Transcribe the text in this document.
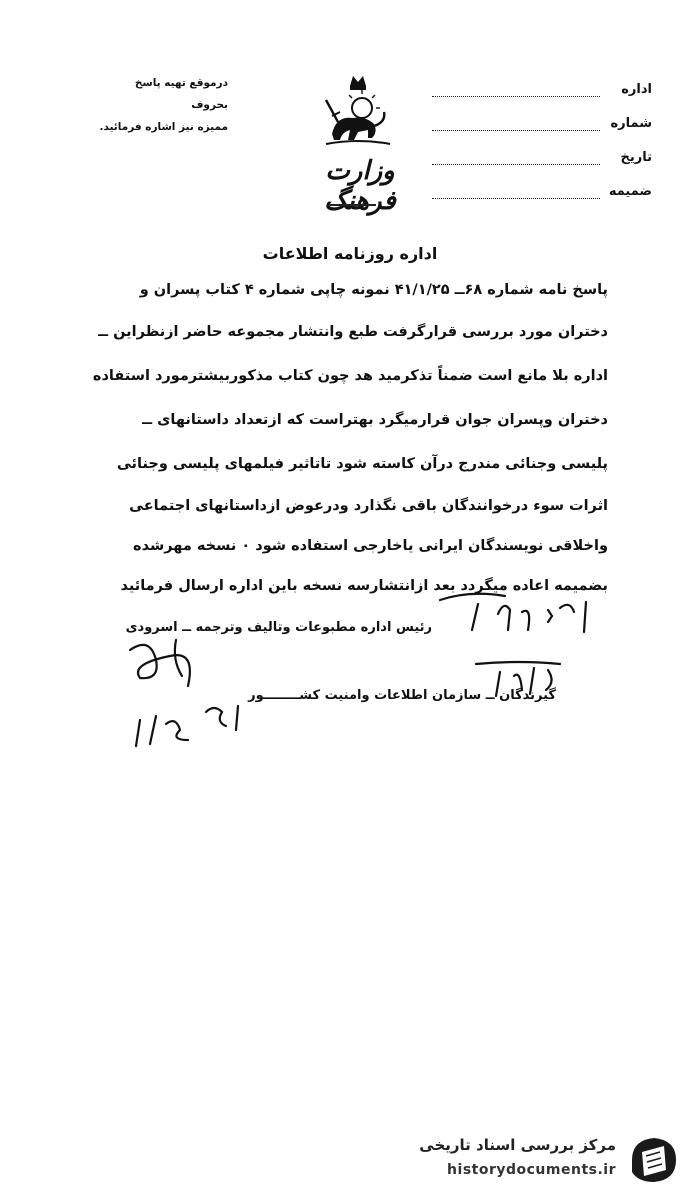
اداره
شماره
تاریخ
ضمیمه
وزارت فرهنگ
درموقع تهیه پاسخ بحروف
ممیزه نیز اشاره فرمائید.
اداره روزنامه اطلاعات
پاسخ نامه شماره ۶۸ــ ۴۱/۱/۲۵ نمونه چاپی شماره ۴ کتاب پسران و
دختران مورد بررسی قرارگرفت طبع وانتشار مجموعه حاضر ازنظراین ــ
اداره بلا مانع است ضمناً تذکرمید هد چون کتاب مذکوربیشترمورد استفاده
دختران وپسران جوان قرارمیگرد بهتراست که ازتعداد داستانهای ــ
پلیسی وجنائی مندرج درآن کاسته شود تاتاثیر فیلمهای پلیسی وجنائی
اثرات سوء درخوانندگان باقی نگذارد ودرعوض ازداستانهای اجتماعی
واخلاقی نویسندگان ایرانی یاخارجی استفاده شود ۰ نسخه مهرشده
بضمیمه اعاده میگردد بعد ازانتشارسه نسخه باین اداره ارسال فرمائید
رئیس اداره مطبوعات وتالیف وترجمه ــ اسرودی
گیرندگان ــ سازمان اطلاعات وامنیت کشــــــــور
مرکز بررسی اسناد تاریخی
historydocuments.ir
